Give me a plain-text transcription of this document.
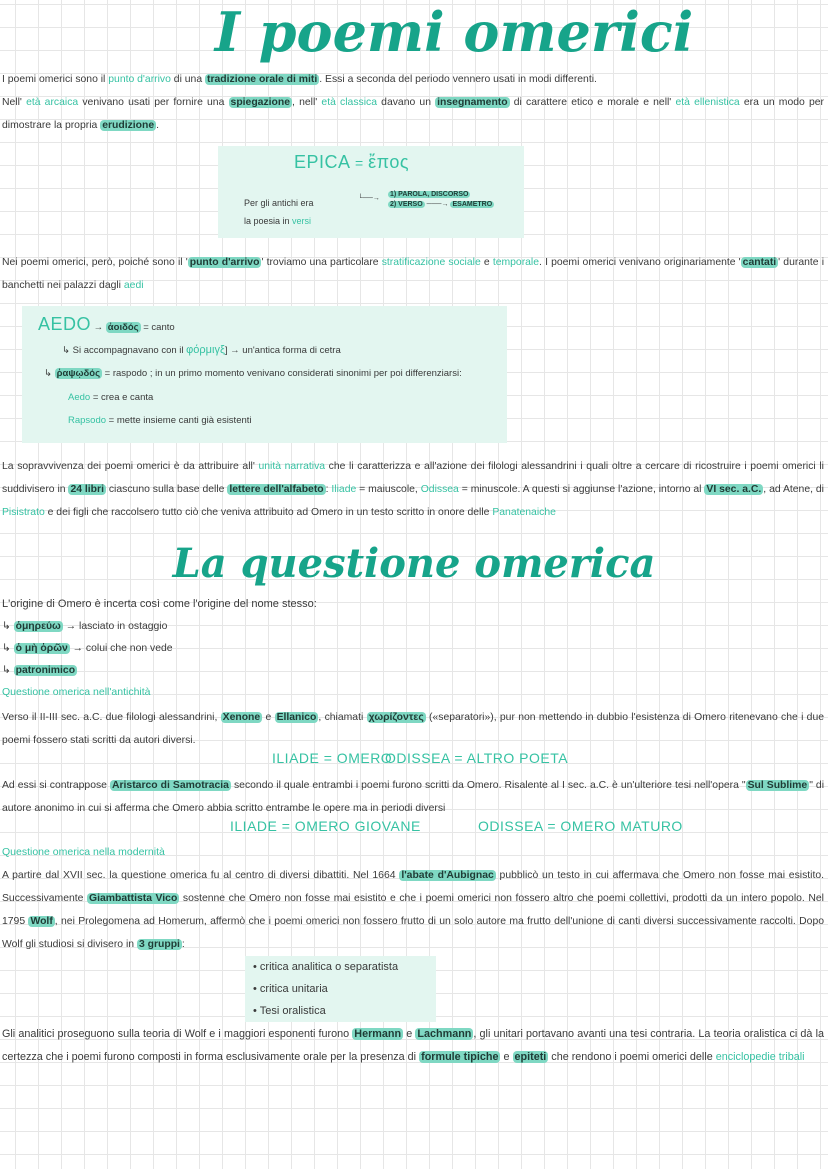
I poemi omerici
I poemi omerici sono il punto d'arrivo di una tradizione orale di miti . Essi a seconda del periodo vennero usati in modi differenti.
Nell' età arcaica venivano usati per fornire una spiegazione , nell' età classica davano un insegnamento di carattere etico e morale e nell' età ellenistica era un modo per dimostrare la propria erudizione .
EPICA = ἔπος
Per gli antichi era
la poesia in versi
└──→
1) PAROLA, DISCORSO
2) VERSO ───→ ESAMETRO
Nei poemi omerici, però, poiché sono il ' punto d'arrivo ' troviamo una particolare stratificazione sociale e temporale. I poemi omerici venivano originariamente ' cantati ' durante i banchetti nei palazzi dagli aedi
AEDO → ἀοιδός = canto
↳ Si accompagnavano con il φόρμιγξ] → un'antica forma di cetra
↳ ῥαψῳδός = raspodo ; in un primo momento venivano considerati sinonimi per poi differenziarsi:
Aedo = crea e canta
Rapsodo = mette insieme canti già esistenti
La sopravvivenza dei poemi omerici è da attribuire all' unità narrativa che li caratterizza e all'azione dei filologi alessandrini i quali oltre a cercare di ricostruire i poemi omerici li suddivisero in 24 libri ciascuno sulla base delle lettere dell'alfabeto : Iliade = maiuscole, Odissea = minuscole. A questi si aggiunse l'azione, intorno al VI sec. a.C. , ad Atene, di Pisistrato e dei figli che raccolsero tutto ciò che veniva attribuito ad Omero in un testo scritto in onore delle Panatenaiche
La questione omerica
L'origine di Omero è incerta così come l'origine del nome stesso:
↳ ὁμηρεύω → lasciato in ostaggio
↳ ὁ μὴ ὁρῶν → colui che non vede
↳ patronimico
Questione omerica nell'antichità
Verso il II-III sec. a.C. due filologi alessandrini, Xenone e Ellanico , chiamati χωρίζοντες («separatori»), pur non mettendo in dubbio l'esistenza di Omero ritenevano che i due poemi fossero stati scritti da autori diversi.
ILIADE = OMERO
ODISSEA = ALTRO POETA
Ad essi si contrappose Aristarco di Samotracia secondo il quale entrambi i poemi furono scritti da Omero. Risalente al I sec. a.C. è un'ulteriore tesi nell'opera " Sul Sublime " di autore anonimo in cui si afferma che Omero abbia scritto entrambe le opere ma in periodi diversi
ILIADE = OMERO GIOVANE	ODISSEA = OMERO MATURO
Questione omerica nella modernità
A partire dal XVII sec. la questione omerica fu al centro di diversi dibattiti. Nel 1664 l'abate d'Aubignac pubblicò un testo in cui affermava che Omero non fosse mai esistito. Successivamente Giambattista Vico sostenne che Omero non fosse mai esistito e che i poemi omerici non fossero altro che poemi collettivi, prodotti da un intero popolo. Nel 1795 Wolf , nei Prolegomena ad Homerum, affermò che i poemi omerici non fossero frutto di un solo autore ma frutto dell'unione di canti diversi successivamente raccolti. Dopo Wolf gli studiosi si divisero in 3 gruppi :
• critica analitica o separatista
• critica unitaria
• Tesi oralistica
Gli analitici proseguono sulla teoria di Wolf e i maggiori esponenti furono Hermann e Lachmann , gli unitari portavano avanti una tesi contraria. La teoria oralistica ci dà la certezza che i poemi furono composti in forma esclusivamente orale per la presenza di formule tipiche e epiteti che rendono i poemi omerici delle enciclopedie tribali
